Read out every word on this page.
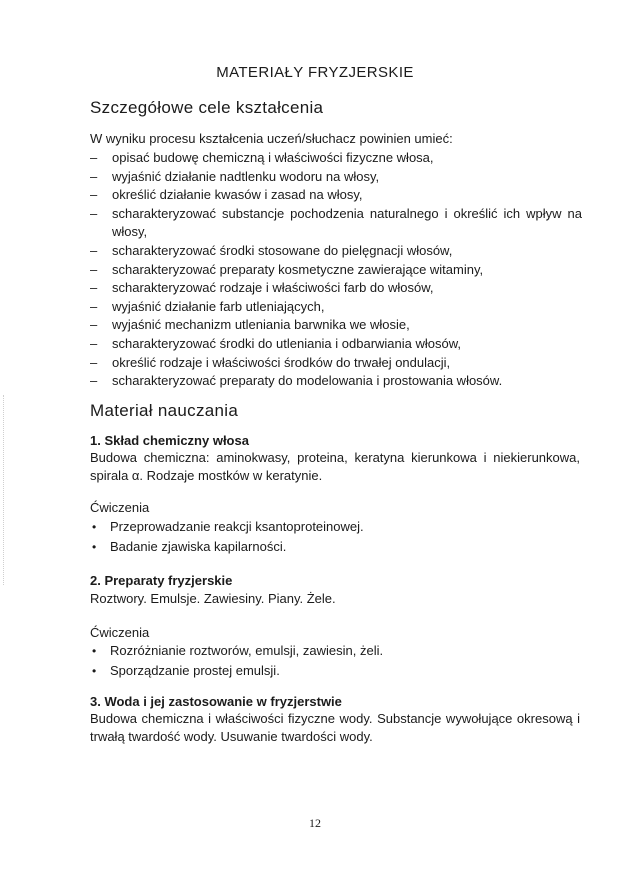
MATERIAŁY FRYZJERSKIE
Szczegółowe cele kształcenia

W wyniku procesu kształcenia uczeń/słuchacz powinien umieć:

– opisać budowę chemiczną i właściwości fizyczne włosa,
– wyjaśnić działanie nadtlenku wodoru na włosy,
– określić działanie kwasów i zasad na włosy,
– scharakteryzować substancje pochodzenia naturalnego i określić ich wpływ na włosy,
– scharakteryzować środki stosowane do pielęgnacji włosów,
– scharakteryzować preparaty kosmetyczne zawierające witaminy,
– scharakteryzować rodzaje i właściwości farb do włosów,
– wyjaśnić działanie farb utleniających,
– wyjaśnić mechanizm utleniania barwnika we włosie,
– scharakteryzować środki do utleniania i odbarwiania włosów,
– określić rodzaje i właściwości środków do trwałej ondulacji,
– scharakteryzować preparaty do modelowania i prostowania włosów.
Materiał nauczania
1. Skład chemiczny włosa

Budowa chemiczna: aminokwasy, proteina, keratyna kierunkowa i niekierunkowa, spirala α. Rodzaje mostków w keratynie.

Ćwiczenia

• Przeprowadzanie reakcji ksantoproteinowej.
• Badanie zjawiska kapilarności.
2. Preparaty fryzjerskie

Roztwory. Emulsje. Zawiesiny. Piany. Żele.

Ćwiczenia

• Rozróżnianie roztworów, emulsji, zawiesin, żeli.
• Sporządzanie prostej emulsji.
3. Woda i jej zastosowanie w fryzjerstwie

Budowa chemiczna i właściwości fizyczne wody. Substancje wywołujące okresową i trwałą twardość wody. Usuwanie twardości wody.

12
